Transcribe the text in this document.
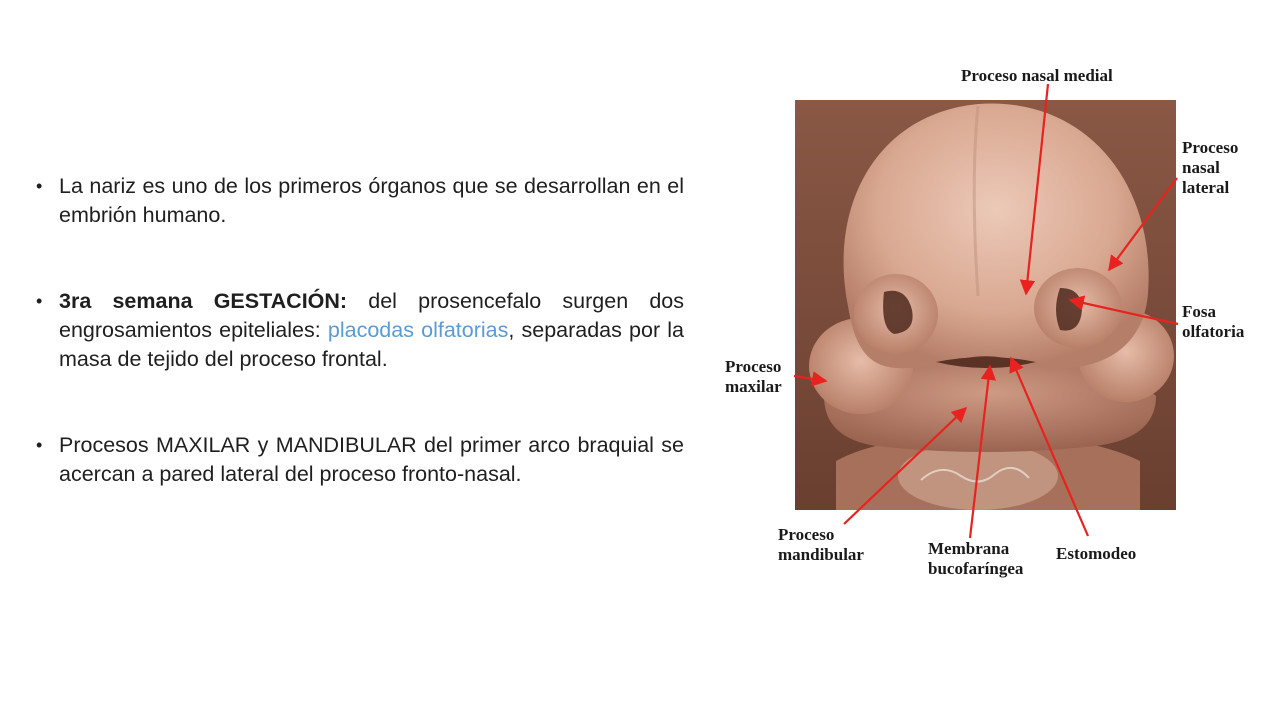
• La nariz es uno de los primeros órganos que se desarrollan en el embrión humano.
• 3ra semana GESTACIÓN: del prosencefalo surgen dos engrosamientos epiteliales: placodas olfatorias, separadas por la masa de tejido del proceso frontal.
• Procesos MAXILAR y MANDIBULAR del primer arco braquial se acercan a pared lateral del proceso fronto-nasal.

Proceso nasal medial

Proceso
nasal
lateral

Fosa
olfatoria

Proceso
maxilar

Proceso
mandibular	Membrana
bucofaríngea

Estomodeo
